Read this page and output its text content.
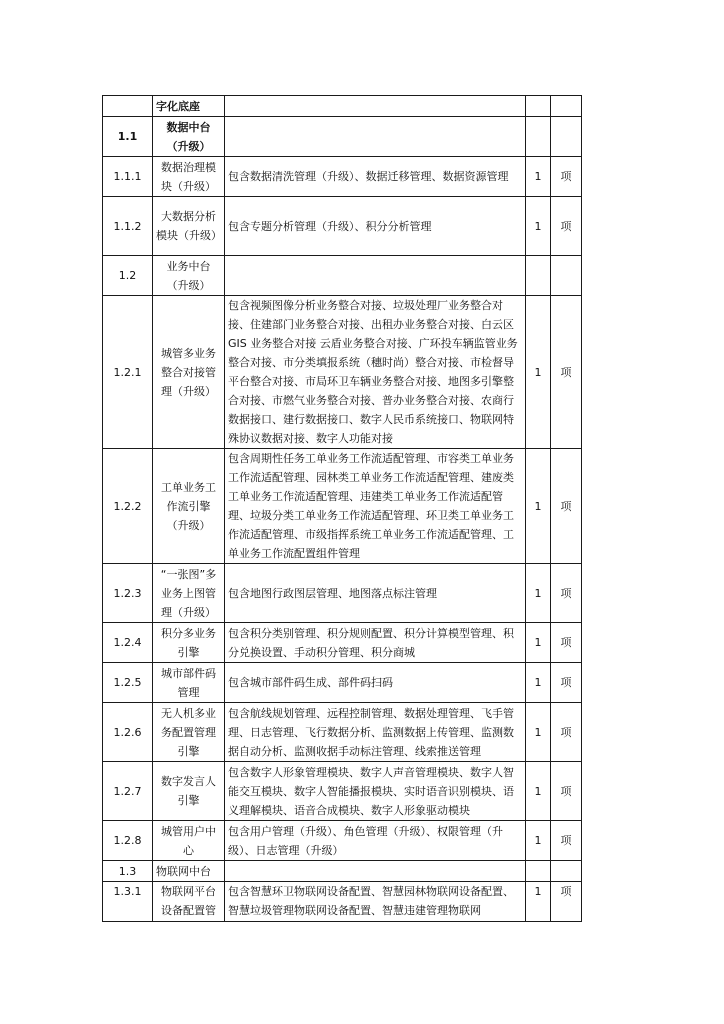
	字化底座			
1.1	数据中台（升级）			
1.1.1	数据治理模块（升级）	包含数据清洗管理（升级）、数据迁移管理、数据资源管理	1	项
1.1.2	大数据分析模块（升级）	包含专题分析管理（升级）、积分分析管理	1	项
1.2	业务中台（升级）			
1.2.1	城管多业务整合对接管理（升级）	包含视频图像分析业务整合对接、垃圾处理厂业务整合对接、住建部门业务整合对接、出租办业务整合对接、白云区 GIS 业务整合对接 云盾业务整合对接、广环投车辆监管业务整合对接、市分类填报系统（穗时尚）整合对接、市检督导平台整合对接、市局环卫车辆业务整合对接、地图多引擎整合对接、市燃气业务整合对接、普办业务整合对接、农商行数据接口、建行数据接口、数字人民币系统接口、物联网特殊协议数据对接、数字人功能对接	1	项
1.2.2	工单业务工作流引擎（升级）	包含周期性任务工单业务工作流适配管理、市容类工单业务工作流适配管理、园林类工单业务工作流适配管理、建废类工单业务工作流适配管理、违建类工单业务工作流适配管理、垃圾分类工单业务工作流适配管理、环卫类工单业务工作流适配管理、市级指挥系统工单业务工作流适配管理、工单业务工作流配置组件管理	1	项
1.2.3	“一张图”多业务上图管理（升级）	包含地图行政图层管理、地图落点标注管理	1	项
1.2.4	积分多业务引擎	包含积分类别管理、积分规则配置、积分计算模型管理、积分兑换设置、手动积分管理、积分商城	1	项
1.2.5	城市部件码管理	包含城市部件码生成、部件码扫码	1	项
1.2.6	无人机多业务配置管理引擎	包含航线规划管理、远程控制管理、数据处理管理、飞手管理、日志管理、飞行数据分析、监测数据上传管理、监测数据自动分析、监测收据手动标注管理、线索推送管理	1	项
1.2.7	数字发言人引擎	包含数字人形象管理模块、数字人声音管理模块、数字人智能交互模块、数字人智能播报模块、实时语音识别模块、语义理解模块、语音合成模块、数字人形象驱动模块	1	项
1.2.8	城管用户中心	包含用户管理（升级）、角色管理（升级）、权限管理（升级）、日志管理（升级）	1	项
1.3	物联网中台			
1.3.1	物联网平台设备配置管	包含智慧环卫物联网设备配置、智慧园林物联网设备配置、智慧垃圾管理物联网设备配置、智慧违建管理物联网	1	项
